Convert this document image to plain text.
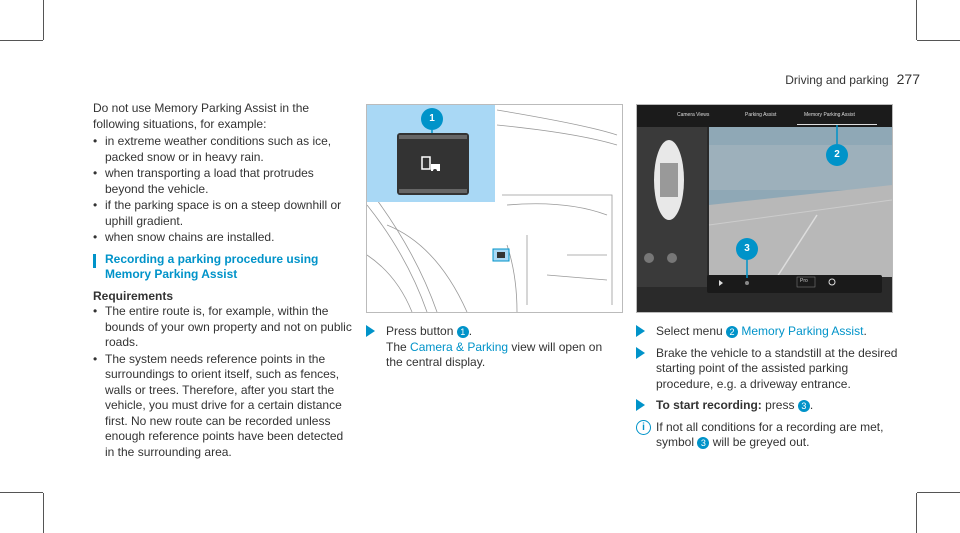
Driving and parking 277

Do not use Memory Parking Assist in the following situations, for example:

• in extreme weather conditions such as ice, packed snow or in heavy rain.
• when transporting a load that protrudes beyond the vehicle.
• if the parking space is on a steep downhill or uphill gradient.
• when snow chains are installed.
Recording a parking procedure using Memory Parking Assist
Requirements
• The entire route is, for example, within the bounds of your own property and not on public roads.
• The system needs reference points in the surroundings to orient itself, such as fences, walls or trees. Therefore, after you start the vehicle, you must drive for a certain distance first. No new route can be recorded unless enough reference points have been detected in the surrounding area.
1	Camera Views	Parking Assist	Memory Parking Assist
2
3
Pro
Press button 1 .
The Camera & Parking view will open on the central display.
Select menu 2 Memory Parking Assist.
Brake the vehicle to a standstill at the desired starting point of the assisted parking procedure, e.g. a driveway entrance.
To start recording: press 3 .
i If not all conditions for a recording are met, symbol 3 will be greyed out.
